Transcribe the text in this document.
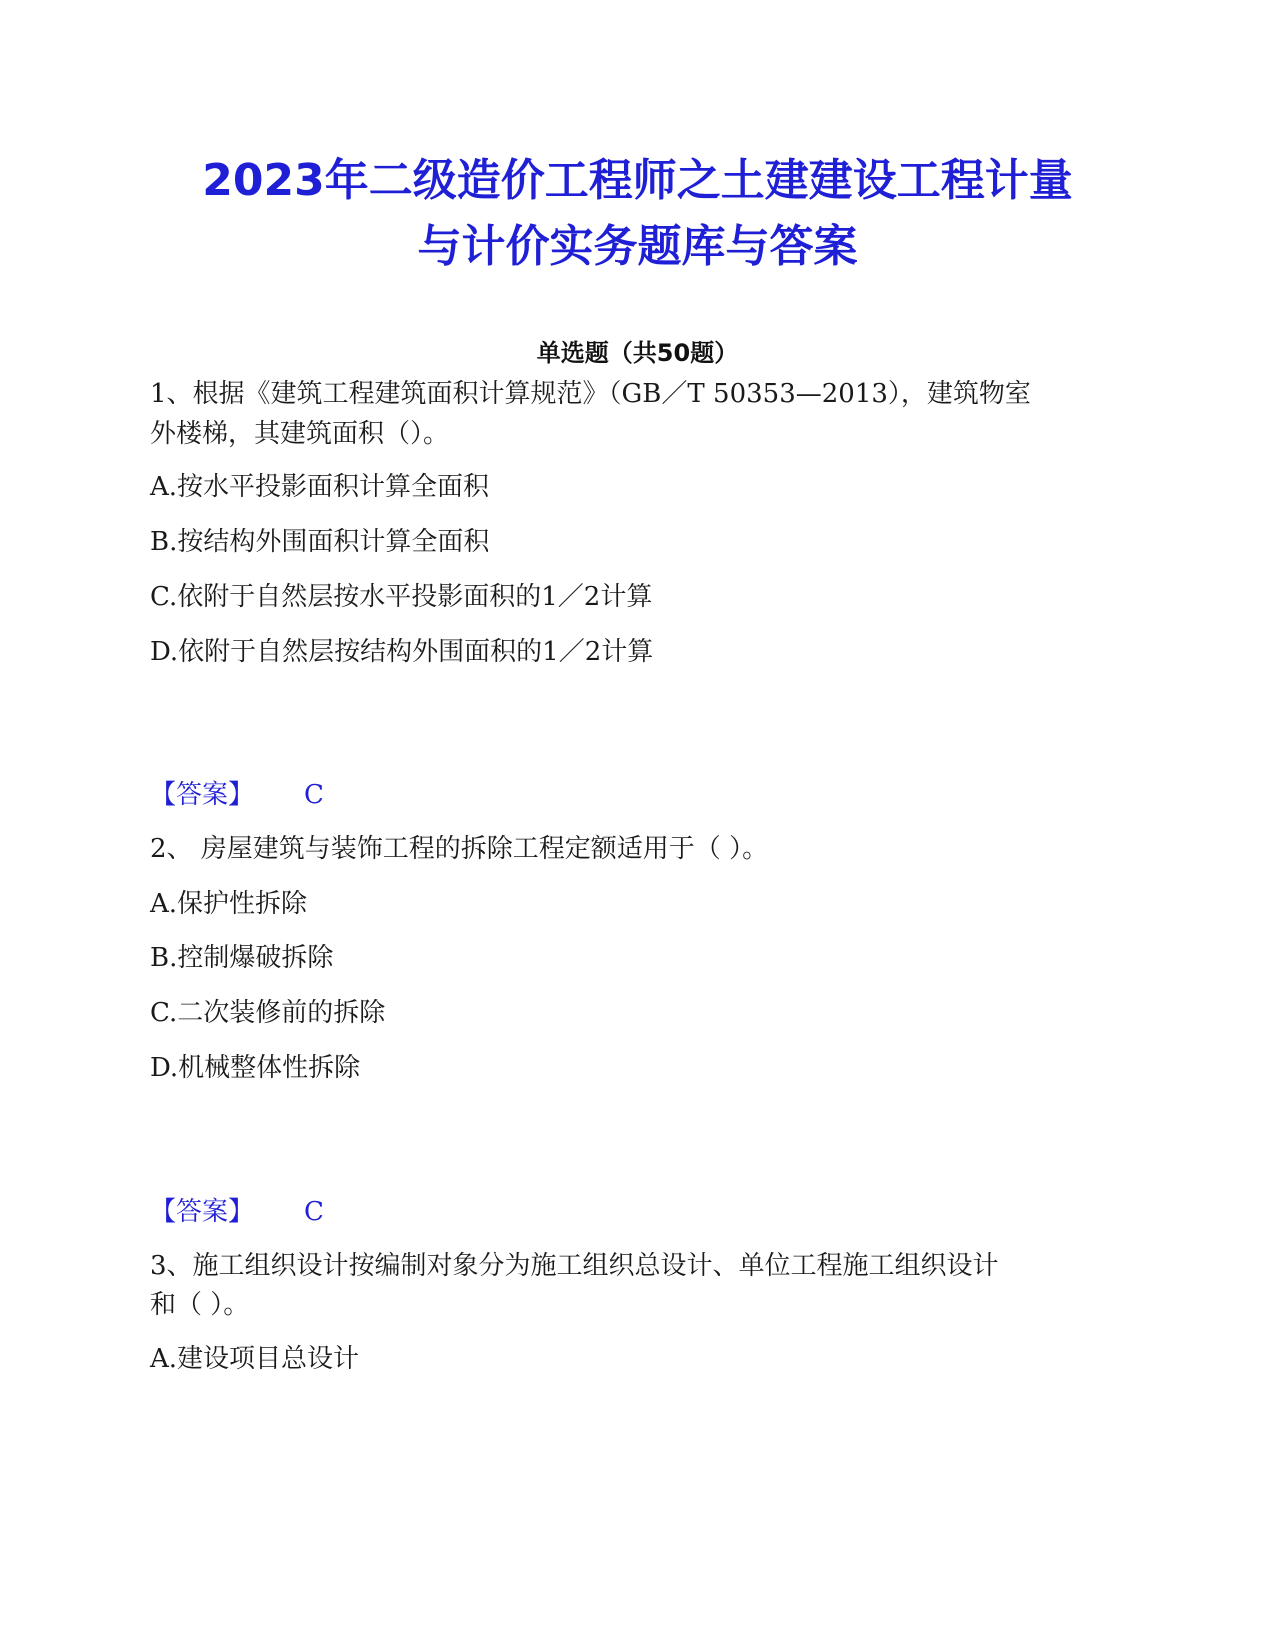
2023年二级造价工程师之土建建设工程计量
与计价实务题库与答案
单选题（共50题）
1、根据《建筑工程建筑面积计算规范》（GB／T 50353—2013），建筑物室
外楼梯，其建筑面积（）。
A.按水平投影面积计算全面积
B.按结构外围面积计算全面积
C.依附于自然层按水平投影面积的1／2计算
D.依附于自然层按结构外围面积的1／2计算
【答案】 C
2、 房屋建筑与装饰工程的拆除工程定额适用于（ ）。
A.保护性拆除
B.控制爆破拆除
C.二次装修前的拆除
D.机械整体性拆除
【答案】 C
3、施工组织设计按编制对象分为施工组织总设计、单位工程施工组织设计
和（ ）。
A.建设项目总设计
